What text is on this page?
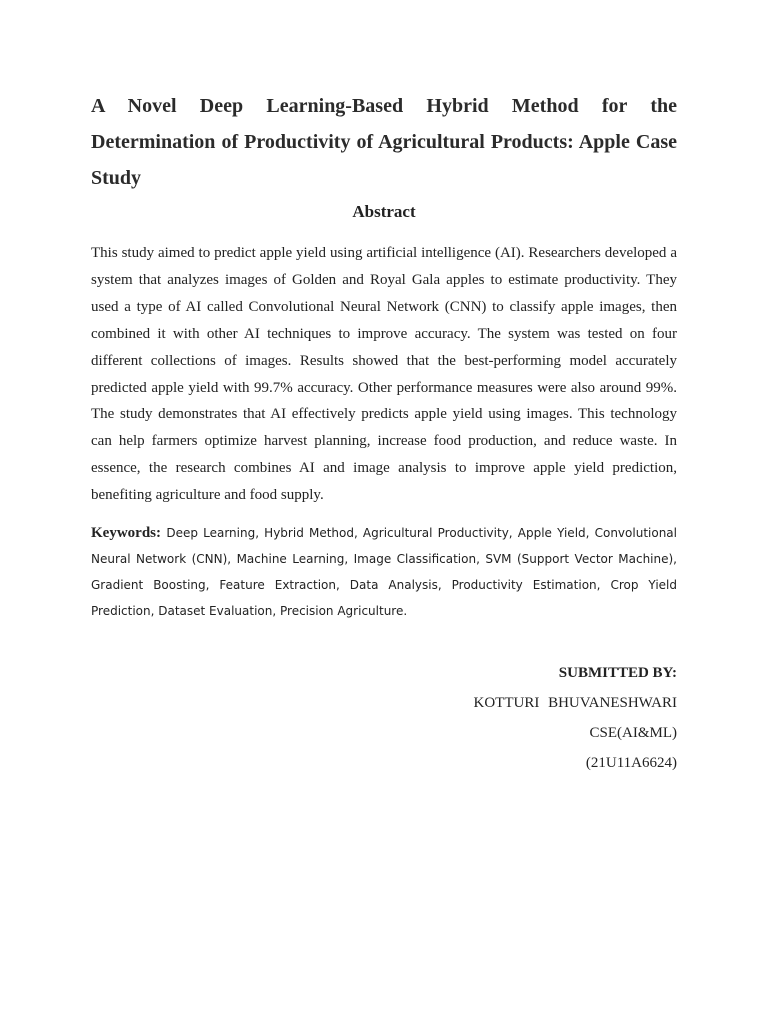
A Novel Deep Learning-Based Hybrid Method for the Determination of Productivity of Agricultural Products: Apple Case Study
Abstract

This study aimed to predict apple yield using artificial intelligence (AI). Researchers developed a system that analyzes images of Golden and Royal Gala apples to estimate productivity. They used a type of AI called Convolutional Neural Network (CNN) to classify apple images, then combined it with other AI techniques to improve accuracy. The system was tested on four different collections of images. Results showed that the best-performing model accurately predicted apple yield with 99.7% accuracy. Other performance measures were also around 99%. The study demonstrates that AI effectively predicts apple yield using images. This technology can help farmers optimize harvest planning, increase food production, and reduce waste. In essence, the research combines AI and image analysis to improve apple yield prediction, benefiting agriculture and food supply.

Keywords: Deep Learning, Hybrid Method, Agricultural Productivity, Apple Yield, Convolutional Neural Network (CNN), Machine Learning, Image Classification, SVM (Support Vector Machine), Gradient Boosting, Feature Extraction, Data Analysis, Productivity Estimation, Crop Yield Prediction, Dataset Evaluation, Precision Agriculture.

SUBMITTED BY:
KOTTURI BHUVANESHWARI
CSE(AI&ML)
(21U11A6624)
